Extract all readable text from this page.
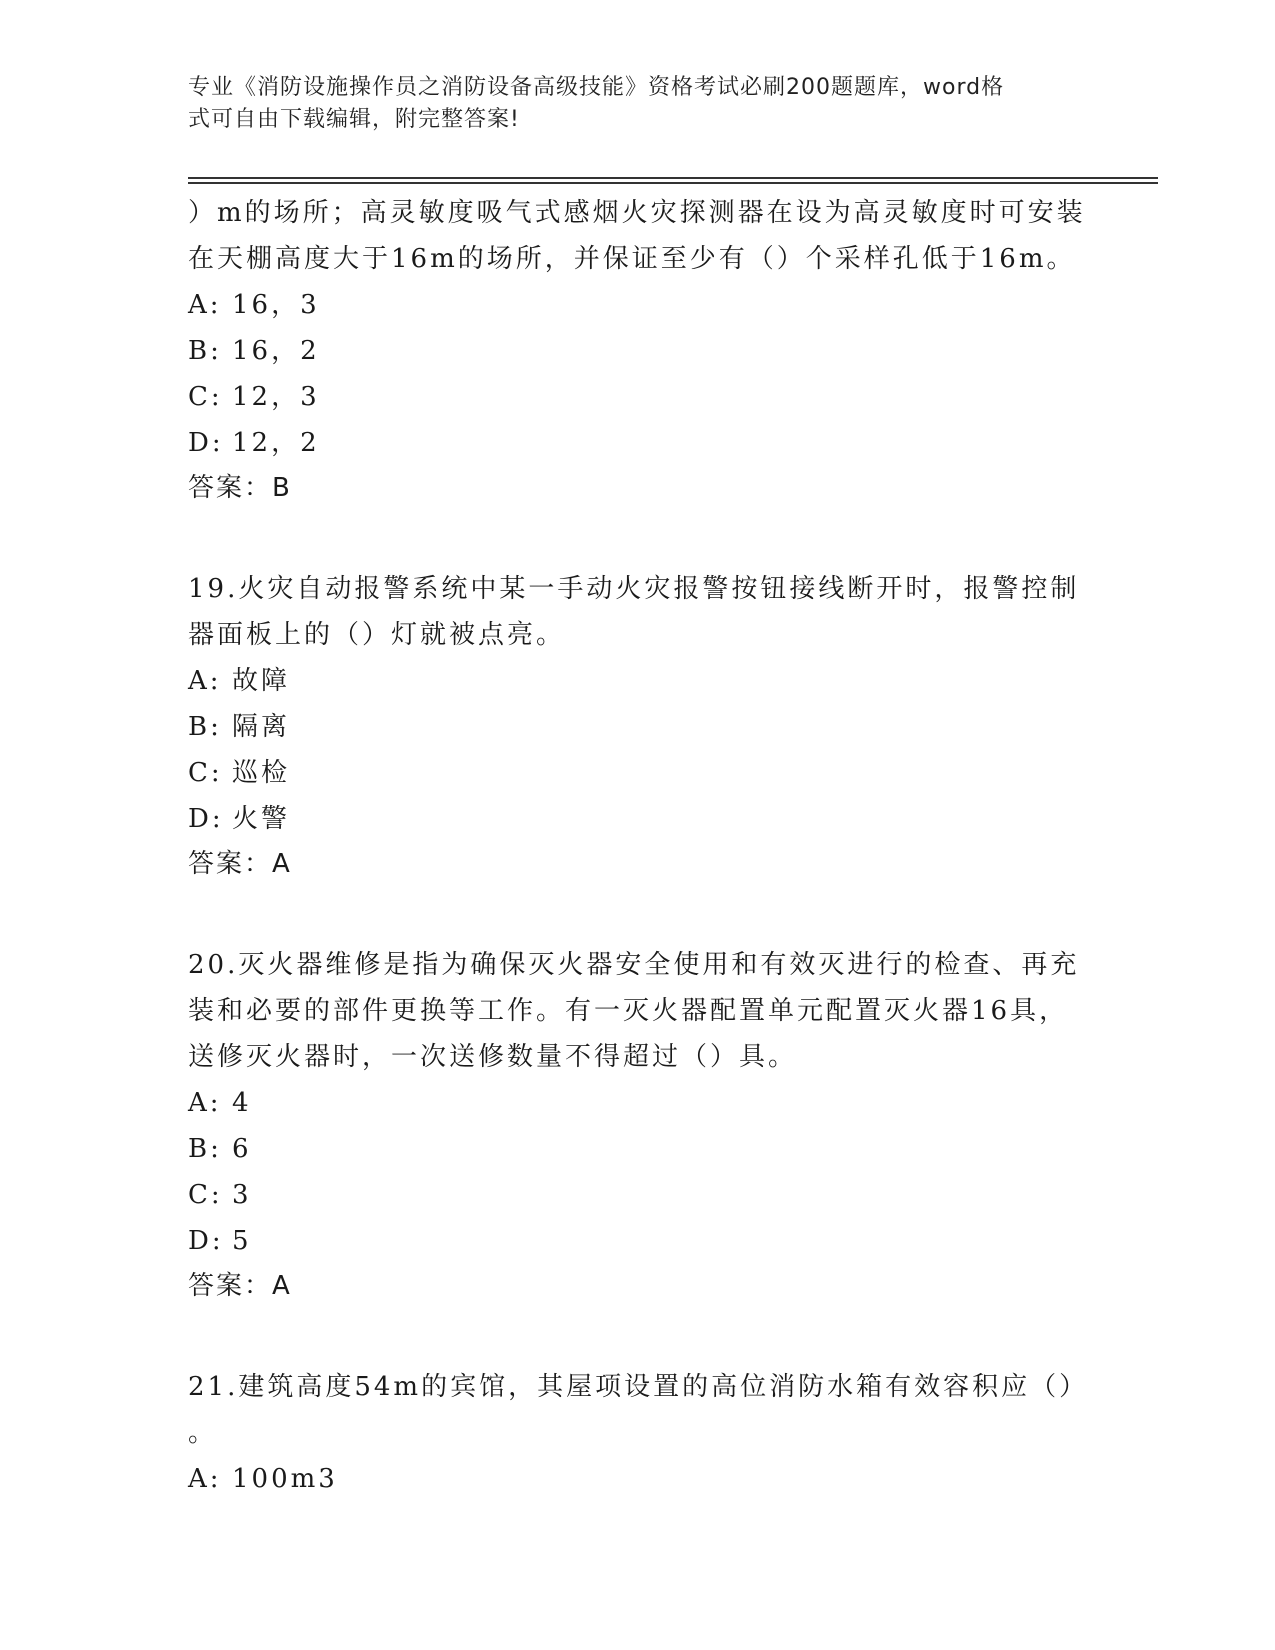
专业《消防设施操作员之消防设备高级技能》资格考试必刷200题题库，word格
式可自由下载编辑，附完整答案!

）m的场所；高灵敏度吸气式感烟火灾探测器在设为高灵敏度时可安装

在天棚高度大于16m的场所，并保证至少有（）个采样孔低于16m。

A: 16，3

B: 16，2

C: 12，3

D: 12，2

答案：B

19.火灾自动报警系统中某一手动火灾报警按钮接线断开时，报警控制

器面板上的（）灯就被点亮。

A: 故障

B: 隔离

C: 巡检

D: 火警

答案：A

20.灭火器维修是指为确保灭火器安全使用和有效灭进行的检查、再充

装和必要的部件更换等工作。有一灭火器配置单元配置灭火器16具，

送修灭火器时，一次送修数量不得超过（）具。

A: 4

B: 6

C: 3

D: 5

答案：A

21.建筑高度54m的宾馆，其屋项设置的高位消防水箱有效容积应（）

。

A: 100m3
